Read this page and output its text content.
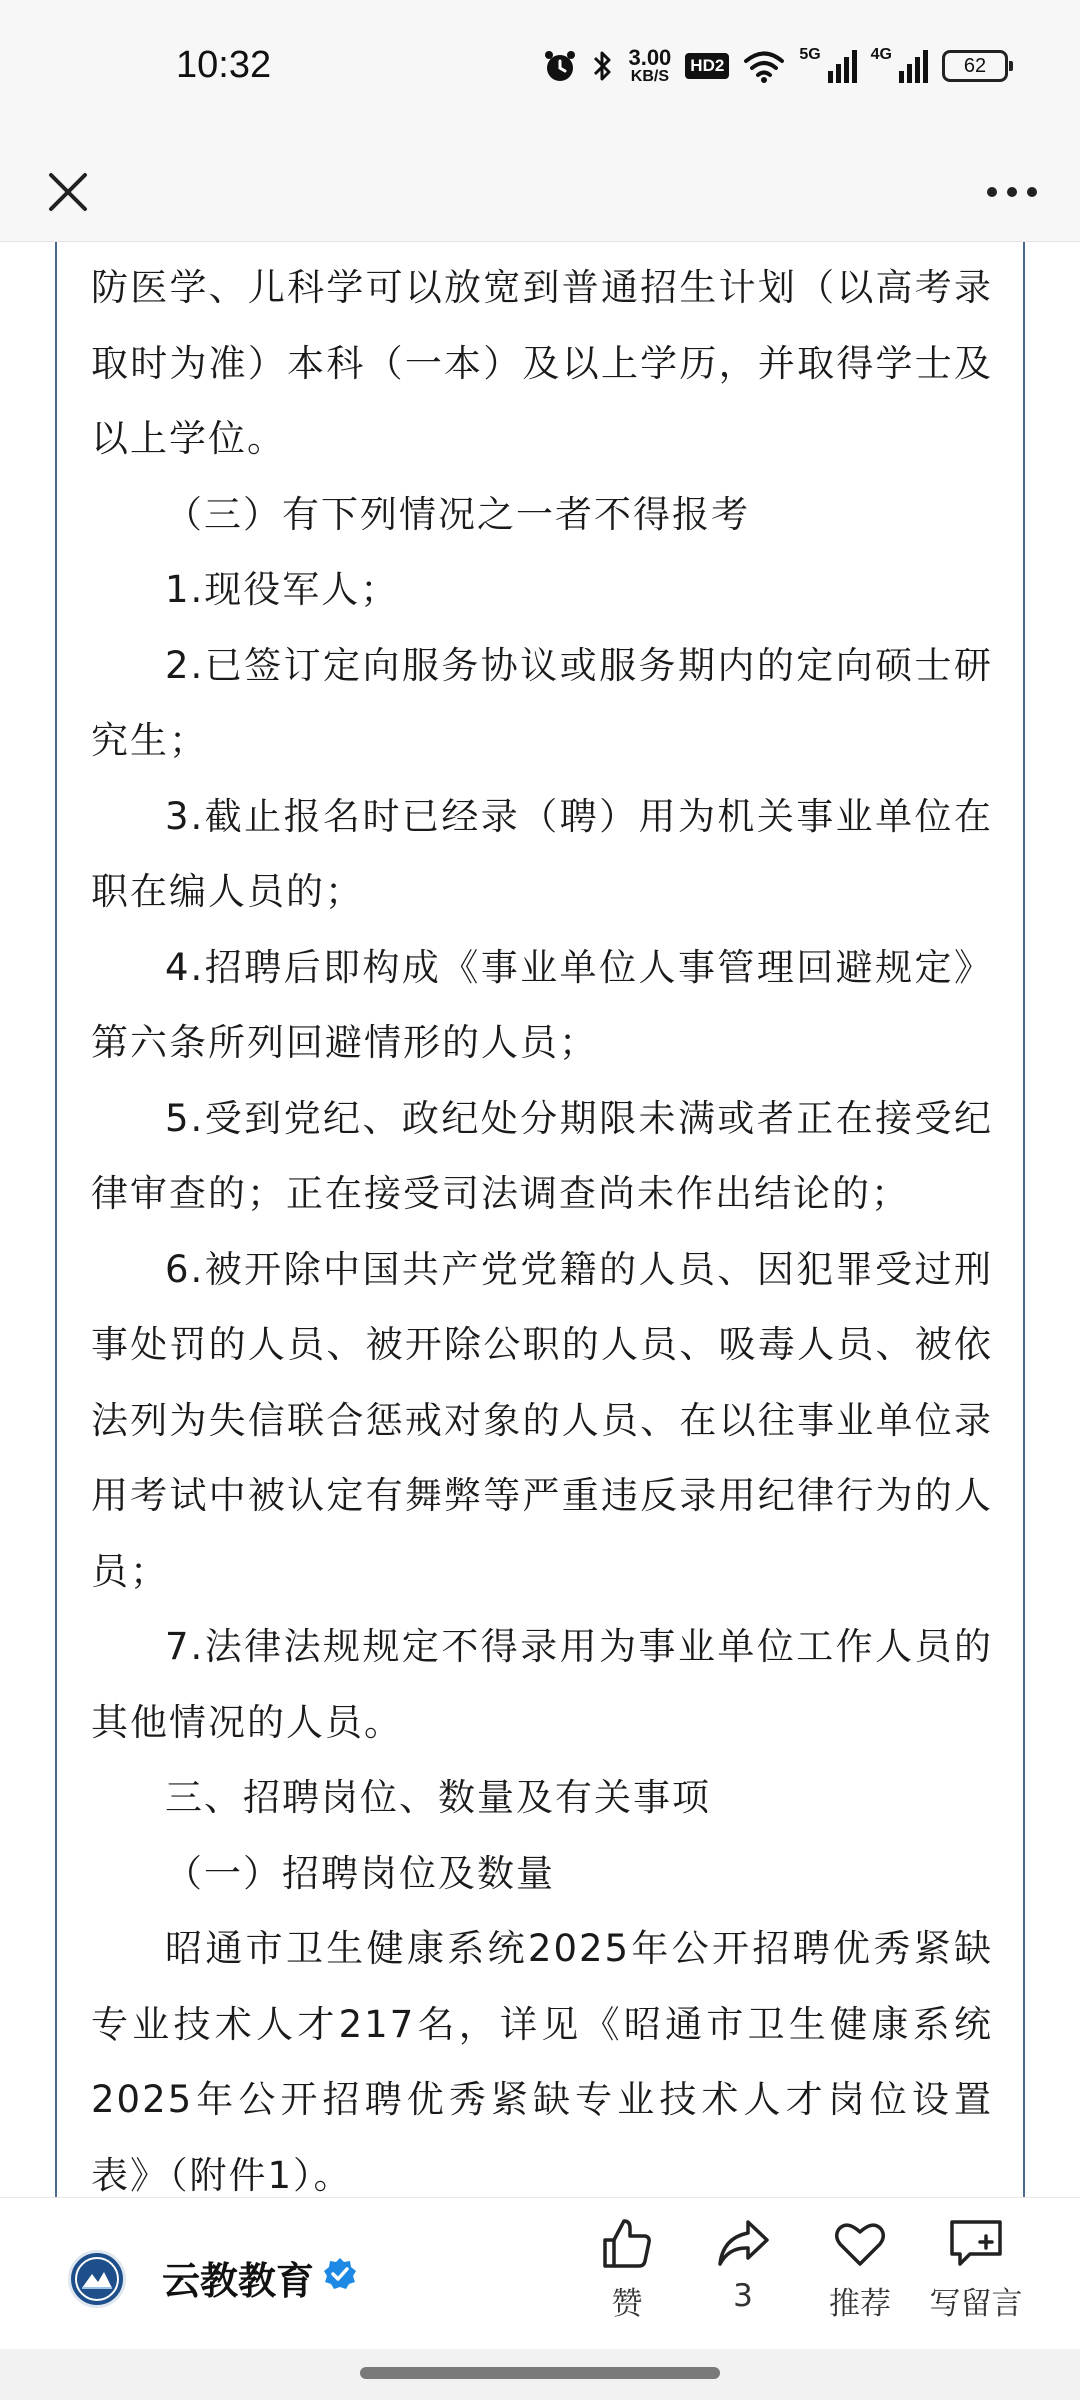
10:32	3.00
KB/S
HD2
5G	4G	62

防医学、儿科学可以放宽到普通招生计划（以高考录取时为准）本科（一本）及以上学历，并取得学士及以上学位。

（三）有下列情况之一者不得报考

1.现役军人；

2.已签订定向服务协议或服务期内的定向硕士研究生；

3.截止报名时已经录（聘）用为机关事业单位在职在编人员的；

4.招聘后即构成《事业单位人事管理回避规定》第六条所列回避情形的人员；

5.受到党纪、政纪处分期限未满或者正在接受纪律审查的；正在接受司法调查尚未作出结论的；

6.被开除中国共产党党籍的人员、因犯罪受过刑事处罚的人员、被开除公职的人员、吸毒人员、被依法列为失信联合惩戒对象的人员、在以往事业单位录用考试中被认定有舞弊等严重违反录用纪律行为的人员；

7.法律法规规定不得录用为事业单位工作人员的其他情况的人员。

三、招聘岗位、数量及有关事项

（一）招聘岗位及数量

昭通市卫生健康系统2025年公开招聘优秀紧缺专业技术人才217名，详见《昭通市卫生健康系统2025年公开招聘优秀紧缺专业技术人才岗位设置表》（附件1）。

云教教育
赞	3 推荐 写留言
